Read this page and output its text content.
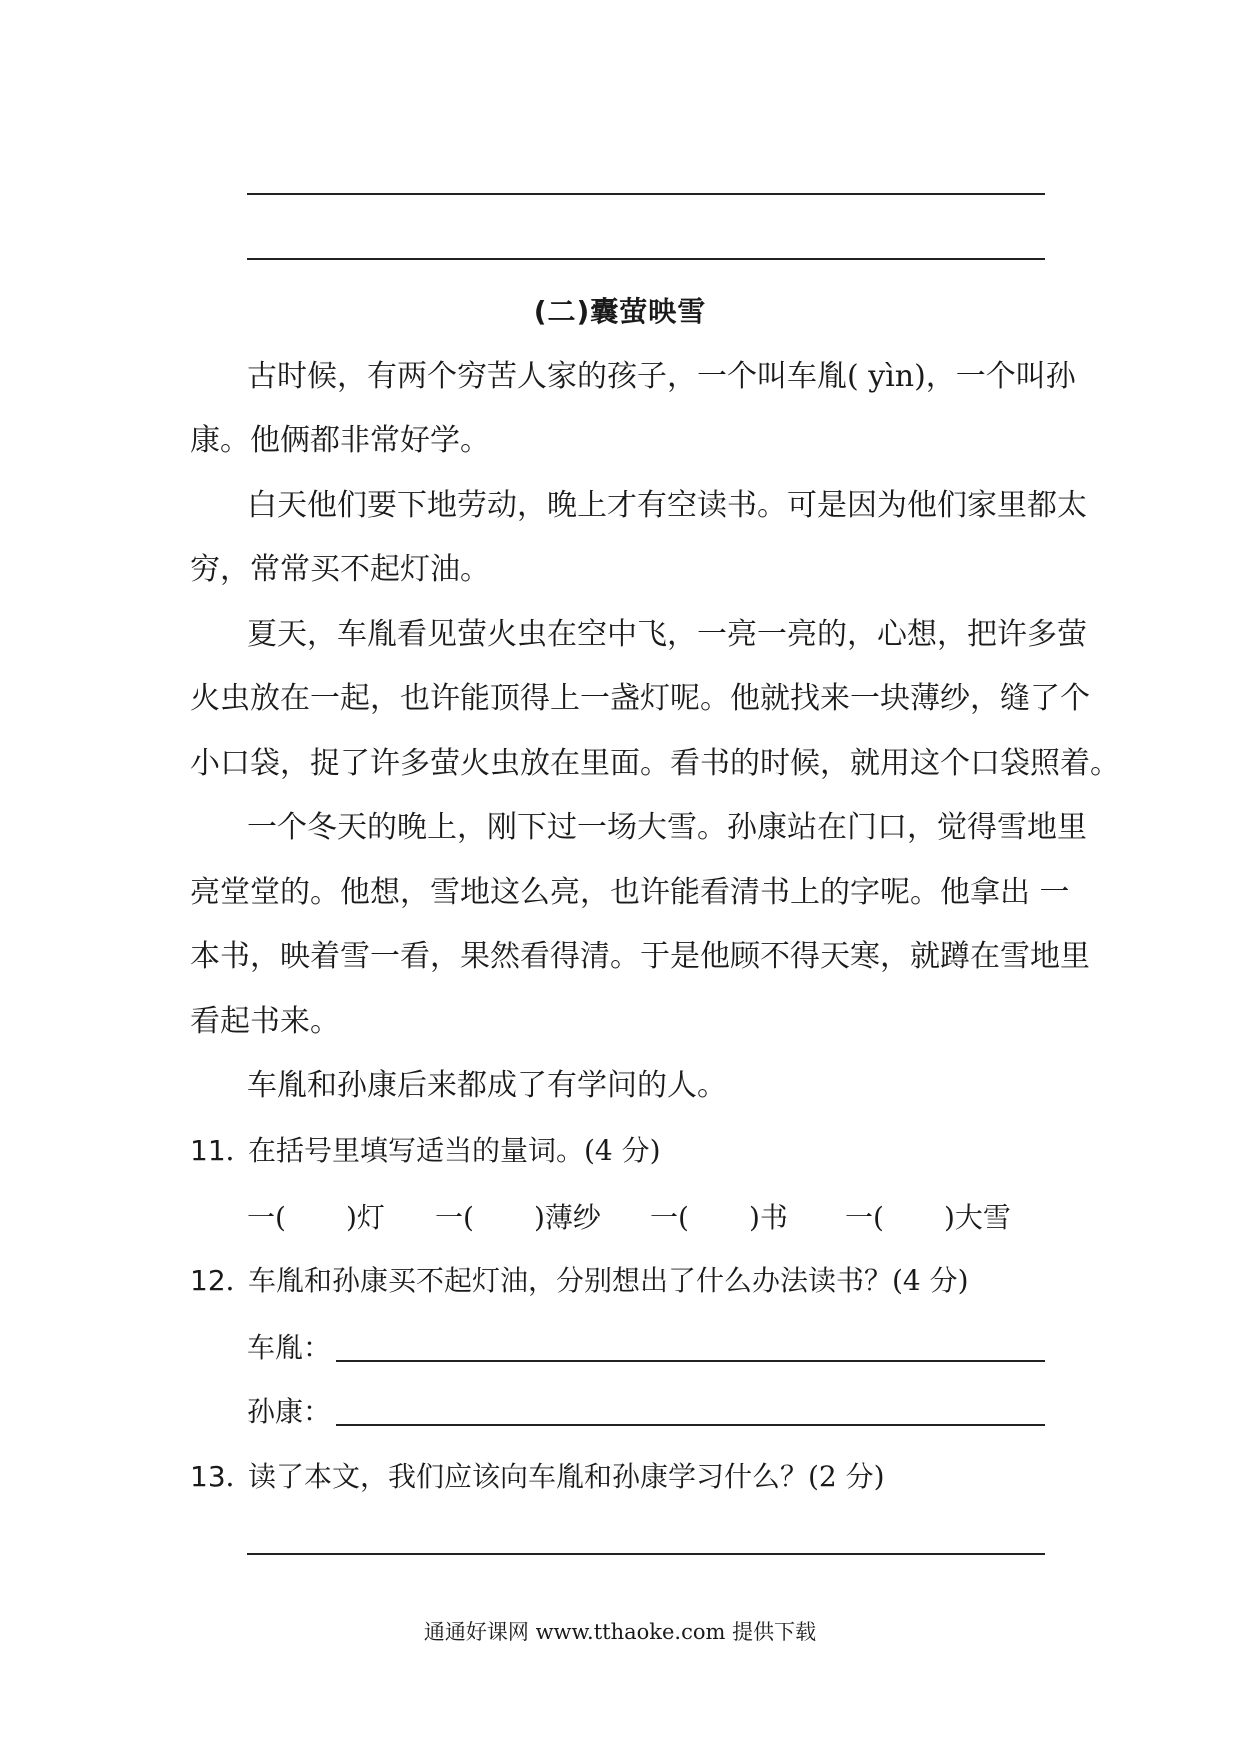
(二)囊萤映雪
古时候，有两个穷苦人家的孩子，一个叫车胤( yìn)，一个叫孙
康。他俩都非常好学。
白天他们要下地劳动，晚上才有空读书。可是因为他们家里都太
穷，常常买不起灯油。
夏天，车胤看见萤火虫在空中飞，一亮一亮的，心想，把许多萤
火虫放在一起，也许能顶得上一盏灯呢。他就找来一块薄纱，缝了个
小口袋，捉了许多萤火虫放在里面。看书的时候，就用这个口袋照着。
一个冬天的晚上，刚下过一场大雪。孙康站在门口，觉得雪地里
亮堂堂的。他想，雪地这么亮，也许能看清书上的字呢。他拿出 一
本书，映着雪一看，果然看得清。于是他顾不得天寒，就蹲在雪地里
看起书来。
车胤和孙康后来都成了有学问的人。
11．在括号里填写适当的量词。(4 分)
一( )灯	一( )薄纱	一( )书	一( )大雪
12．车胤和孙康买不起灯油，分别想出了什么办法读书？(4 分)
车胤：
孙康：
13．读了本文，我们应该向车胤和孙康学习什么？(2 分)
通通好课网 www.tthaoke.com 提供下载
